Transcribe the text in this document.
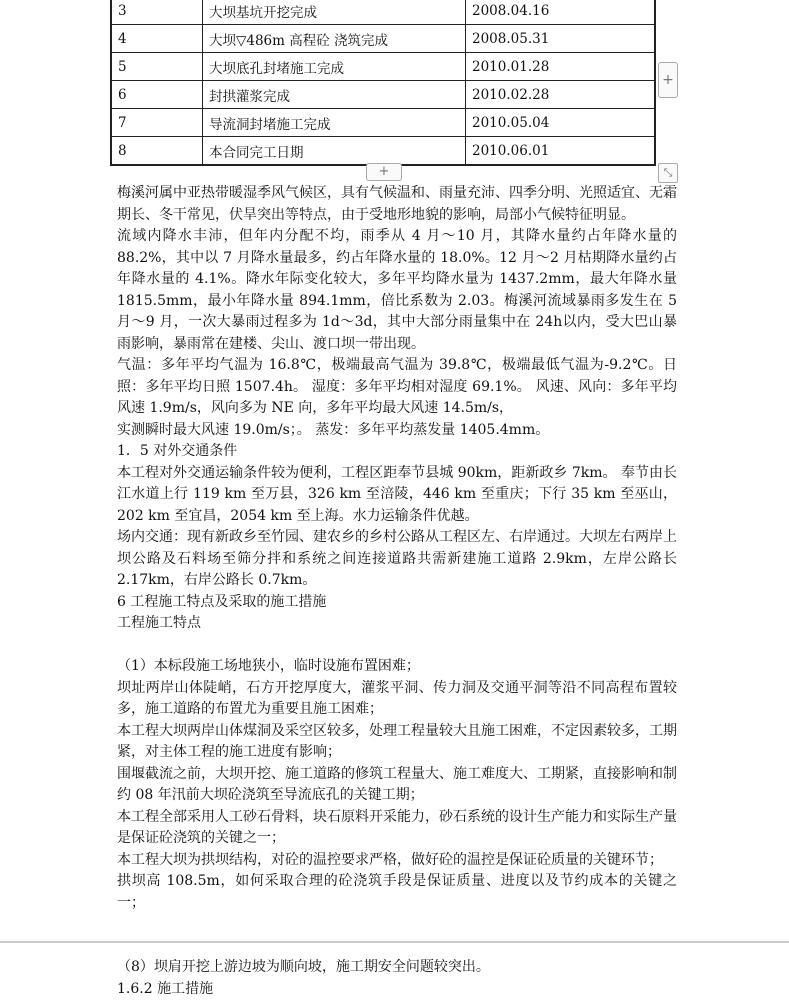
3	大坝基坑开挖完成	2008.04.16
4	大坝▽486m 高程砼 浇筑完成	2008.05.31
5	大坝底孔封堵施工完成	2010.01.28
6	封拱灌浆完成	2010.02.28
7	导流洞封堵施工完成	2010.05.04
8	本合同完工日期	2010.06.01
+
+	⤡

梅溪河属中亚热带暖湿季风气候区，具有气候温和、雨量充沛、四季分明、光照适宜、无霜期长、冬干常见，伏旱突出等特点，由于受地形地貌的影响，局部小气候特征明显。

流域内降水丰沛，但年内分配不均，雨季从 4 月～10 月，其降水量约占年降水量的 88.2%，其中以 7 月降水量最多，约占年降水量的 18.0%。12 月～2 月枯期降水量约占年降水量的 4.1%。降水年际变化较大，多年平均降水量为 1437.2mm，最大年降水量 1815.5mm，最小年降水量 894.1mm，倍比系数为 2.03。梅溪河流域暴雨多发生在 5 月～9 月，一次大暴雨过程多为 1d～3d，其中大部分雨量集中在 24h以内，受大巴山暴雨影响，暴雨常在建楼、尖山、渡口坝一带出现。

气温：多年平均气温为 16.8℃，极端最高气温为 39.8℃，极端最低气温为-9.2℃。日照：多年平均日照 1507.4h。 湿度：多年平均相对湿度 69.1%。 风速、风向：多年平均风速 1.9m/s，风向多为 NE 向，多年平均最大风速 14.5m/s，

实测瞬时最大风速 19.0m/s；。 蒸发：多年平均蒸发量 1405.4mm。

1．5 对外交通条件

本工程对外交通运输条件较为便利，工程区距奉节县城 90km，距新政乡 7km。 奉节由长江水道上行 119 km 至万县，326 km 至涪陵，446 km 至重庆；下行 35 km 至巫山，202 km 至宜昌，2054 km 至上海。水力运输条件优越。

场内交通：现有新政乡至竹园、建农乡的乡村公路从工程区左、右岸通过。大坝左右两岸上坝公路及石料场至筛分拌和系统之间连接道路共需新建施工道路 2.9km，左岸公路长 2.17km，右岸公路长 0.7km。

6 工程施工特点及采取的施工措施

工程施工特点

（1）本标段施工场地狭小，临时设施布置困难；

坝址两岸山体陡峭，石方开挖厚度大，灌浆平洞、传力洞及交通平洞等沿不同高程布置较多，施工道路的布置尤为重要且施工困难；

本工程大坝两岸山体煤洞及采空区较多，处理工程量较大且施工困难，不定因素较多，工期紧，对主体工程的施工进度有影响；

围堰截流之前，大坝开挖、施工道路的修筑工程量大、施工难度大、工期紧，直接影响和制约 08 年汛前大坝砼浇筑至导流底孔的关键工期；

本工程全部采用人工砂石骨料，块石原料开采能力，砂石系统的设计生产能力和实际生产量是保证砼浇筑的关键之一；

本工程大坝为拱坝结构，对砼的温控要求严格，做好砼的温控是保证砼质量的关键环节；

拱坝高 108.5m，如何采取合理的砼浇筑手段是保证质量、进度以及节约成本的关键之一；

（8）坝肩开挖上游边坡为顺向坡，施工期安全问题较突出。

1.6.2 施工措施
